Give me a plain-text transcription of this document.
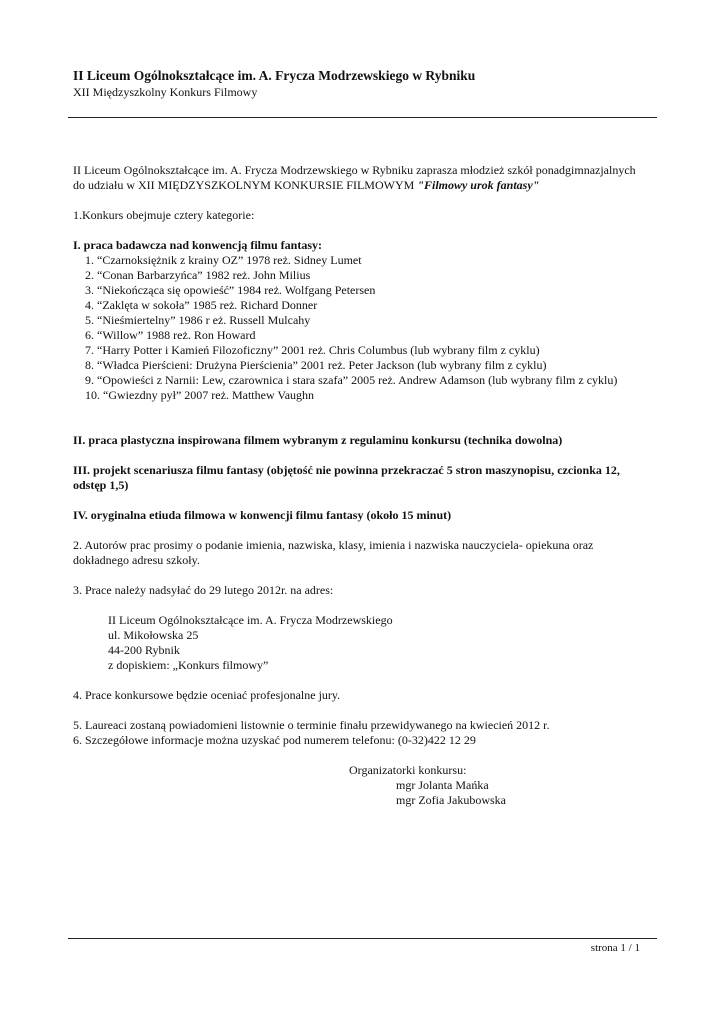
II Liceum Ogólnokształcące im. A. Frycza Modrzewskiego w Rybniku
XII Międzyszkolny Konkurs Filmowy

II Liceum Ogólnokształcące im. A. Frycza Modrzewskiego w Rybniku zaprasza młodzież szkół ponadgimnazjalnych

do udziału w XII MIĘDZYSZKOLNYM KONKURSIE FILMOWYM "Filmowy urok fantasy"

1.Konkurs obejmuje cztery kategorie:

I. praca badawcza nad konwencją filmu fantasy:

1. “Czarnoksiężnik z krainy OZ” 1978 reż. Sidney Lumet
2. “Conan Barbarzyńca” 1982 reż. John Milius
3. “Niekończąca się opowieść” 1984 reż. Wolfgang Petersen
4. “Zaklęta w sokoła” 1985 reż. Richard Donner
5. “Nieśmiertelny” 1986 r eż. Russell Mulcahy
6. “Willow” 1988 reż. Ron Howard
7. “Harry Potter i Kamień Filozoficzny” 2001 reż. Chris Columbus (lub wybrany film z cyklu)
8. “Władca Pierścieni: Drużyna Pierścienia” 2001 reż. Peter Jackson (lub wybrany film z cyklu)
9. “Opowieści z Narnii: Lew, czarownica i stara szafa” 2005 reż. Andrew Adamson (lub wybrany film z cyklu)
10. “Gwiezdny pył” 2007 reż. Matthew Vaughn

II. praca plastyczna inspirowana filmem wybranym z regulaminu konkursu (technika dowolna)

III. projekt scenariusza filmu fantasy (objętość nie powinna przekraczać 5 stron maszynopisu, czcionka 12,

odstęp 1,5)

IV. oryginalna etiuda filmowa w konwencji filmu fantasy (około 15 minut)

2. Autorów prac prosimy o podanie imienia, nazwiska, klasy, imienia i nazwiska nauczyciela- opiekuna oraz

dokładnego adresu szkoły.

3. Prace należy nadsyłać do 29 lutego 2012r. na adres:

II Liceum Ogólnokształcące im. A. Frycza Modrzewskiego

ul. Mikołowska 25

44-200 Rybnik

z dopiskiem: „Konkurs filmowy”

4. Prace konkursowe będzie oceniać profesjonalne jury.

5. Laureaci zostaną powiadomieni listownie o terminie finału przewidywanego na kwiecień 2012 r.

6. Szczegółowe informacje można uzyskać pod numerem telefonu: (0-32)422 12 29

Organizatorki konkursu:

mgr Jolanta Mańka

mgr Zofia Jakubowska

strona 1 / 1
